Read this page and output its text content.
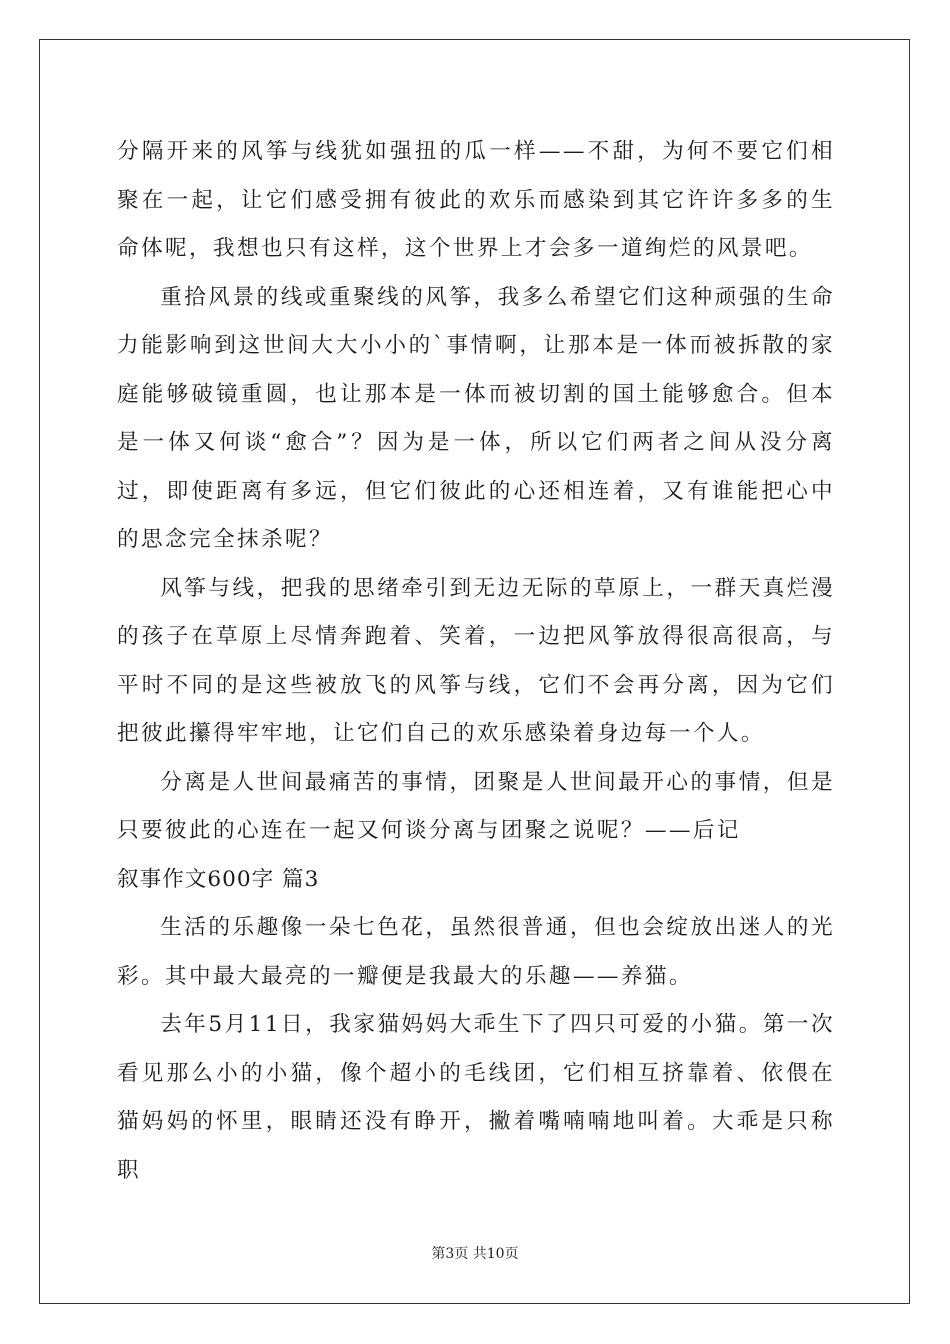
分隔开来的风筝与线犹如强扭的瓜一样——不甜，为何不要它们相聚在一起，让它们感受拥有彼此的欢乐而感染到其它许许多多的生命体呢，我想也只有这样，这个世界上才会多一道绚烂的风景吧。

重拾风景的线或重聚线的风筝，我多么希望它们这种顽强的生命力能影响到这世间大大小小的`事情啊，让那本是一体而被拆散的家庭能够破镜重圆，也让那本是一体而被切割的国土能够愈合。但本是一体又何谈“愈合”？因为是一体，所以它们两者之间从没分离过，即使距离有多远，但它们彼此的心还相连着，又有谁能把心中的思念完全抹杀呢？

风筝与线，把我的思绪牵引到无边无际的草原上，一群天真烂漫的孩子在草原上尽情奔跑着、笑着，一边把风筝放得很高很高，与平时不同的是这些被放飞的风筝与线，它们不会再分离，因为它们把彼此攥得牢牢地，让它们自己的欢乐感染着身边每一个人。

分离是人世间最痛苦的事情，团聚是人世间最开心的事情，但是只要彼此的心连在一起又何谈分离与团聚之说呢？——后记

叙事作文600字 篇3

生活的乐趣像一朵七色花，虽然很普通，但也会绽放出迷人的光彩。其中最大最亮的一瓣便是我最大的乐趣——养猫。

去年5月11日，我家猫妈妈大乖生下了四只可爱的小猫。第一次看见那么小的小猫，像个超小的毛线团，它们相互挤靠着、依偎在猫妈妈的怀里，眼睛还没有睁开，撇着嘴喃喃地叫着。大乖是只称职

第3页 共10页
